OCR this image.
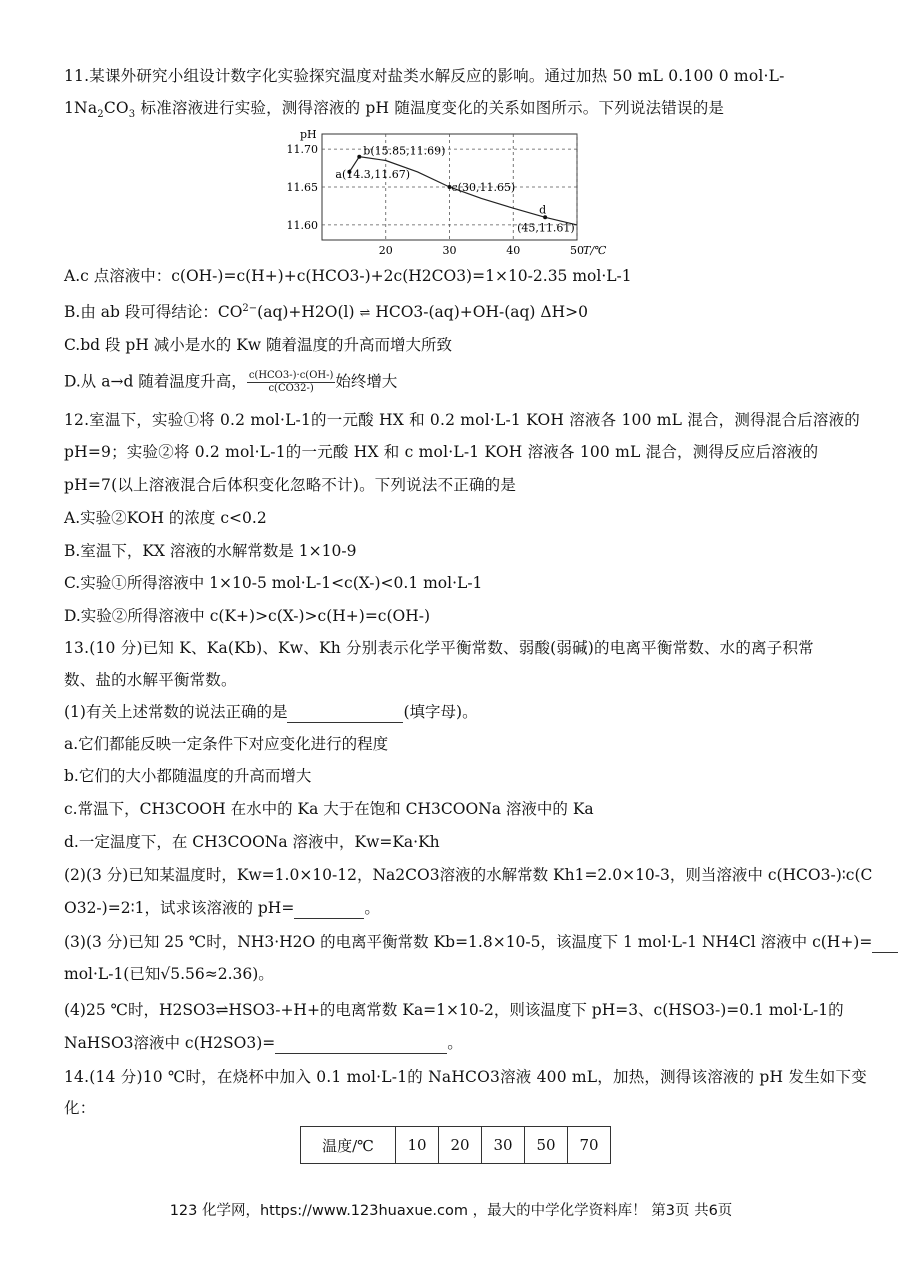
11.某课外研究小组设计数字化实验探究温度对盐类水解反应的影响。通过加热 50 mL 0.100 0 mol·L-
$1Na_2CO_3$ 标准溶液进行实验，测得溶液的 pH 随温度变化的关系如图所示。下列说法错误的是
11.70
11.65
11.60
20	30	40	50
pH
T/℃
a(14.3,11.67)
b(15.85,11.69)
c(30,11.65)
d
(45,11.61)
A.c 点溶液中：c(OH-)=c(H+)+c(HCO3-)+2c(H2CO3)=1×10-2.35 mol·L-1
B.由 ab 段可得结论：$CO^{2-}(aq)+H2O(l)$ ⇌ HCO3-(aq)+OH-(aq) ΔH>0
C.bd 段 pH 减小是水的 Kw 随着温度的升高而增大所致
D.从 a→d 随着温度升高， $\frac{\text{c(HCO3-)·c(OH-)}}{c(CO32-)}$ 始终增大
12.室温下，实验①将 0.2 mol·L-1的一元酸 HX 和 0.2 mol·L-1 KOH 溶液各 100 mL 混合，测得混合后溶液的
pH=9；实验②将 0.2 mol·L-1的一元酸 HX 和 c mol·L-1 KOH 溶液各 100 mL 混合，测得反应后溶液的
pH=7(以上溶液混合后体积变化忽略不计)。下列说法不正确的是
A.实验②KOH 的浓度 c<0.2
B.室温下，KX 溶液的水解常数是 1×10-9
C.实验①所得溶液中 1×10-5 mol·L-1<c(X-)<0.1 mol·L-1
D.实验②所得溶液中 c(K+)>c(X-)>c(H+)=c(OH-)
13.(10 分)已知 K、Ka(Kb)、Kw、Kh 分别表示化学平衡常数、弱酸(弱碱)的电离平衡常数、水的离子积常
数、盐的水解平衡常数。
(1)有关上述常数的说法正确的是	(填字母)。
a.它们都能反映一定条件下对应变化进行的程度
b.它们的大小都随温度的升高而增大
c.常温下，CH3COOH 在水中的 Ka 大于在饱和 CH3COONa 溶液中的 Ka
d.一定温度下，在 CH3COONa 溶液中，Kw=Ka·Kh
(2)(3 分)已知某温度时，Kw=1.0×10-12，Na2CO3溶液的水解常数 Kh1=2.0×10-3，则当溶液中 c(HCO3-)∶c(C
O32-)=2∶1，试求该溶液的 pH=	。
(3)(3 分)已知 25 ℃时，NH3·H2O 的电离平衡常数 Kb=1.8×10-5，该温度下 1 mol·L-1 NH4Cl 溶液中 c(H+)=
mol·L-1(已知√5.56≈2.36)。
(4)25 ℃时，H2SO3⇌HSO3-+H+的电离常数 Ka=1×10-2，则该温度下 pH=3、c(HSO3-)=0.1 mol·L-1的
NaHSO3溶液中 c(H2SO3)=	。
14.(14 分)10 ℃时，在烧杯中加入 0.1 mol·L-1的 NaHCO3溶液 400 mL，加热，测得该溶液的 pH 发生如下变
化：
温度/℃	10	20	30	50	70
123 化学网，https://www.123huaxue.com ，最大的中学化学资料库！ 第3页 共6页
